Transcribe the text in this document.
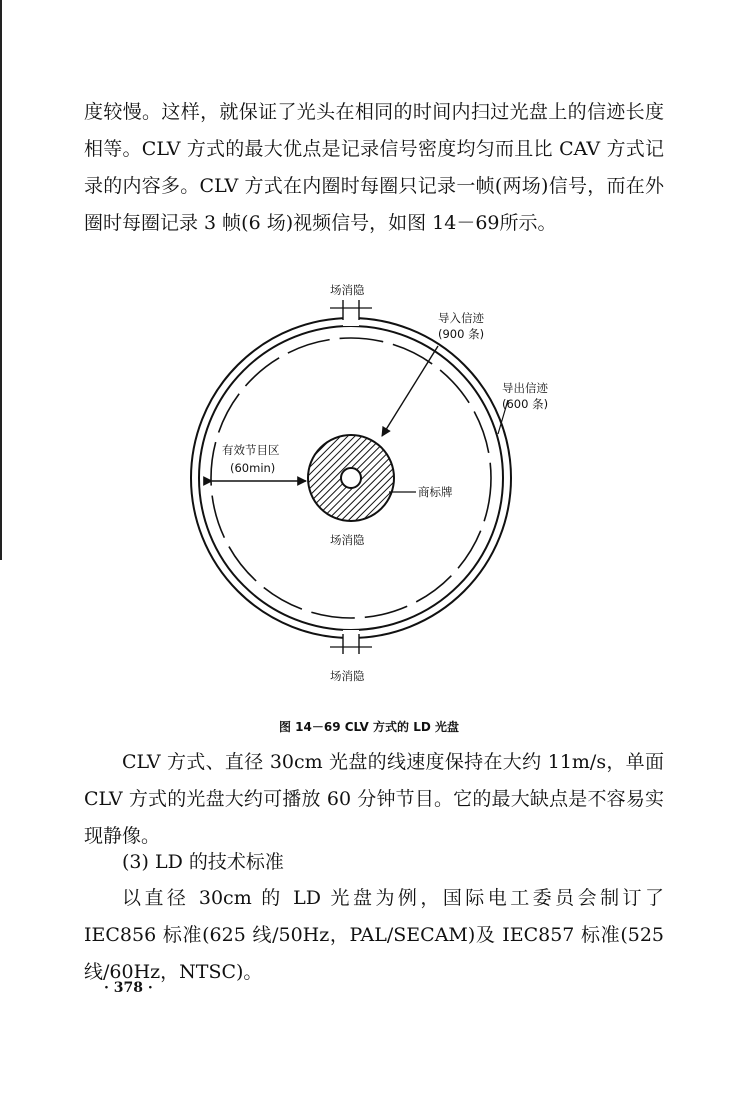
度较慢。这样，就保证了光头在相同的时间内扫过光盘上的信迹长度相等。CLV 方式的最大优点是记录信号密度均匀而且比 CAV 方式记录的内容多。CLV 方式在内圈时每圈只记录一帧(两场)信号，而在外圈时每圈记录 3 帧(6 场)视频信号，如图 14－69所示。

场消隐
导入信迹
(900 条)
导出信迹
(600 条)
有效节目区
(60min)
商标牌
场消隐
场消隐
图 14－69 CLV 方式的 LD 光盘

CLV 方式、直径 30cm 光盘的线速度保持在大约 11m/s，单面 CLV 方式的光盘大约可播放 60 分钟节目。它的最大缺点是不容易实现静像。

(3) LD 的技术标准

以直径 30cm 的 LD 光盘为例，国际电工委员会制订了 IEC856 标准(625 线/50Hz，PAL/SECAM)及 IEC857 标准(525 线/60Hz，NTSC)。

· 378 ·
